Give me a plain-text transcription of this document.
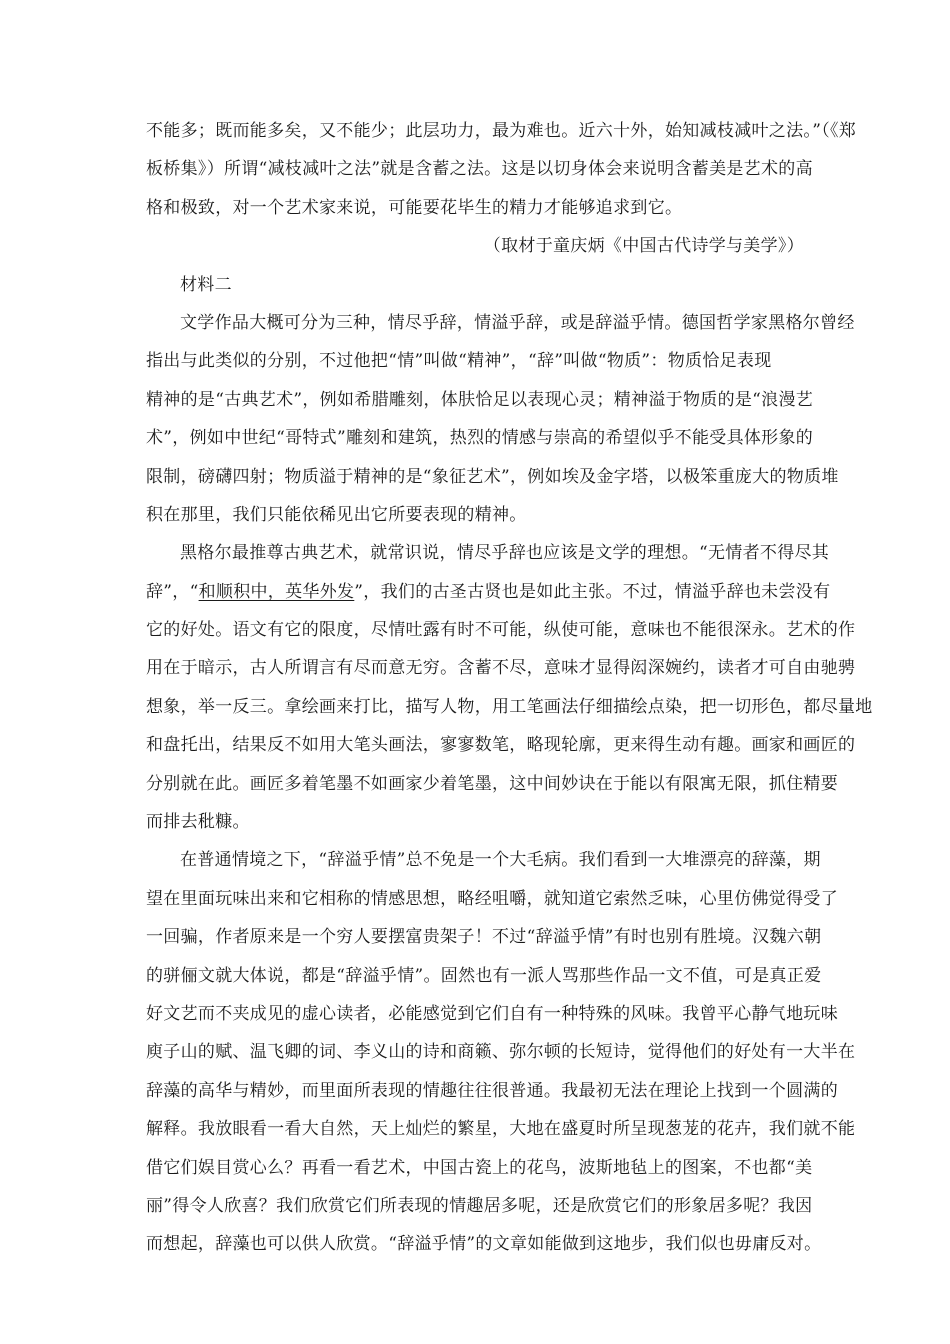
不能多；既而能多矣，又不能少；此层功力，最为难也。近六十外，始知减枝减叶之法。”（《郑
板桥集》）所谓“减枝减叶之法”就是含蓄之法。这是以切身体会来说明含蓄美是艺术的高
格和极致，对一个艺术家来说，可能要花毕生的精力才能够追求到它。
（取材于童庆炳《中国古代诗学与美学》）
材料二
文学作品大概可分为三种，情尽乎辞，情溢乎辞，或是辞溢乎情。德国哲学家黑格尔曾经
指出与此类似的分别，不过他把“情”叫做“精神”，“辞”叫做“物质”：物质恰足表现
精神的是“古典艺术”，例如希腊雕刻，体肤恰足以表现心灵；精神溢于物质的是“浪漫艺
术”，例如中世纪“哥特式”雕刻和建筑，热烈的情感与崇高的希望似乎不能受具体形象的
限制，磅礴四射；物质溢于精神的是“象征艺术”，例如埃及金字塔，以极笨重庞大的物质堆
积在那里，我们只能依稀见出它所要表现的精神。
黑格尔最推尊古典艺术，就常识说，情尽乎辞也应该是文学的理想。“无情者不得尽其
辞”，“和顺积中，英华外发”，我们的古圣古贤也是如此主张。不过，情溢乎辞也未尝没有
它的好处。语文有它的限度，尽情吐露有时不可能，纵使可能，意味也不能很深永。艺术的作
用在于暗示，古人所谓言有尽而意无穷。含蓄不尽，意味才显得闳深婉约，读者才可自由驰骋
想象，举一反三。拿绘画来打比，描写人物，用工笔画法仔细描绘点染，把一切形色，都尽量地
和盘托出，结果反不如用大笔头画法，寥寥数笔，略现轮廓，更来得生动有趣。画家和画匠的
分别就在此。画匠多着笔墨不如画家少着笔墨，这中间妙诀在于能以有限寓无限，抓住精要
而排去秕糠。
在普通情境之下，“辞溢乎情”总不免是一个大毛病。我们看到一大堆漂亮的辞藻，期
望在里面玩味出来和它相称的情感思想，略经咀嚼，就知道它索然乏味，心里仿佛觉得受了
一回骗，作者原来是一个穷人要摆富贵架子！不过“辞溢乎情”有时也别有胜境。汉魏六朝
的骈俪文就大体说，都是“辞溢乎情”。固然也有一派人骂那些作品一文不值，可是真正爱
好文艺而不夹成见的虚心读者，必能感觉到它们自有一种特殊的风味。我曾平心静气地玩味
庾子山的赋、温飞卿的词、李义山的诗和商籁、弥尔顿的长短诗，觉得他们的好处有一大半在
辞藻的高华与精妙，而里面所表现的情趣往往很普通。我最初无法在理论上找到一个圆满的
解释。我放眼看一看大自然，天上灿烂的繁星，大地在盛夏时所呈现葱茏的花卉，我们就不能
借它们娱目赏心么？再看一看艺术，中国古瓷上的花鸟，波斯地毡上的图案，不也都“美
丽”得令人欣喜？我们欣赏它们所表现的情趣居多呢，还是欣赏它们的形象居多呢？我因
而想起，辞藻也可以供人欣赏。“辞溢乎情”的文章如能做到这地步，我们似也毋庸反对。
